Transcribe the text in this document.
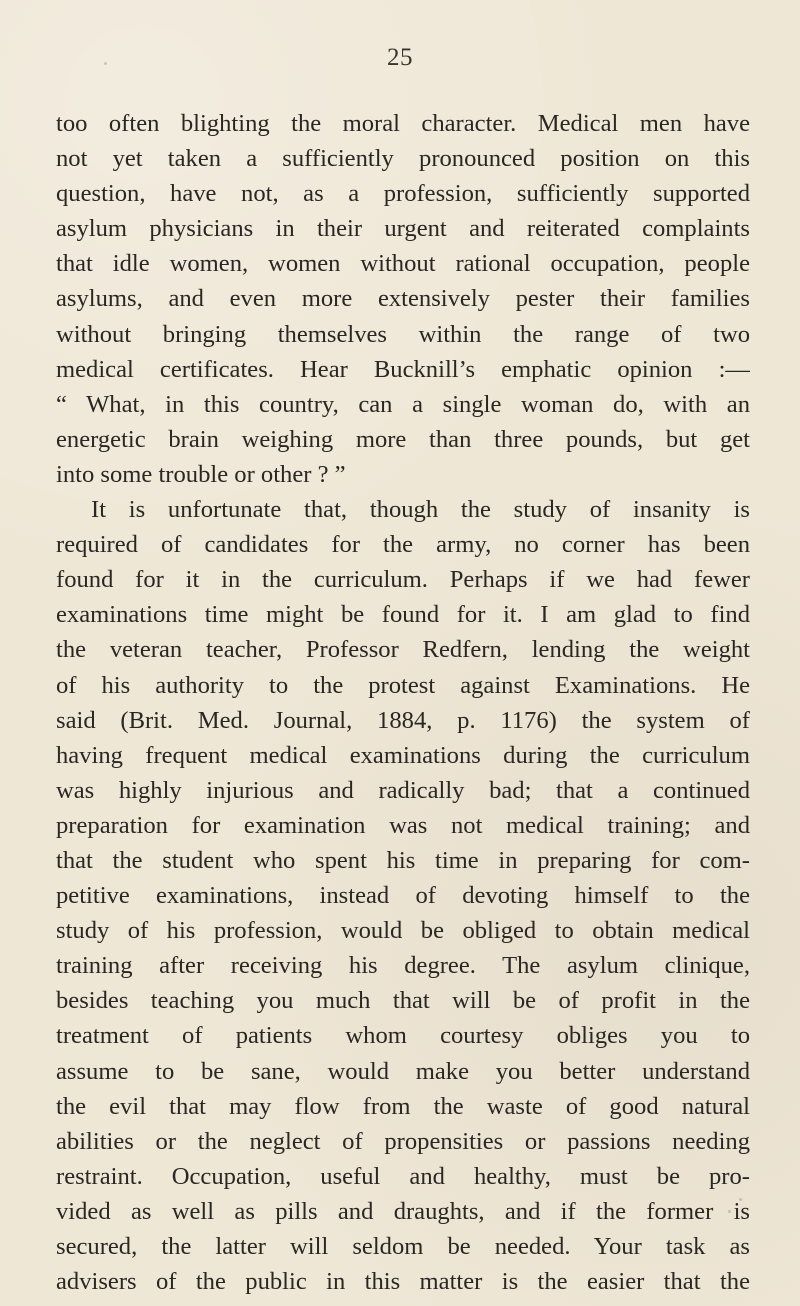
25
too often blighting the moral character. Medical men have
not yet taken a sufficiently pronounced position on this
question, have not, as a profession, sufficiently supported
asylum physicians in their urgent and reiterated complaints
that idle women, women without rational occupation, people
asylums, and even more extensively pester their families
without bringing themselves within the range of two
medical certificates. Hear Bucknill’s emphatic opinion :—
“ What, in this country, can a single woman do, with an
energetic brain weighing more than three pounds, but get
into some trouble or other ? ”
It is unfortunate that, though the study of insanity is
required of candidates for the army, no corner has been
found for it in the curriculum. Perhaps if we had fewer
examinations time might be found for it. I am glad to find
the veteran teacher, Professor Redfern, lending the weight
of his authority to the protest against Examinations. He
said (Brit. Med. Journal, 1884, p. 1176) the system of
having frequent medical examinations during the curriculum
was highly injurious and radically bad; that a continued
preparation for examination was not medical training; and
that the student who spent his time in preparing for com-
petitive examinations, instead of devoting himself to the
study of his profession, would be obliged to obtain medical
training after receiving his degree. The asylum clinique,
besides teaching you much that will be of profit in the
treatment of patients whom courtesy obliges you to
assume to be sane, would make you better understand
the evil that may flow from the waste of good natural
abilities or the neglect of propensities or passions needing
restraint. Occupation, useful and healthy, must be pro-
vided as well as pills and draughts, and if the former is
secured, the latter will seldom be needed. Your task as
advisers of the public in this matter is the easier that the
